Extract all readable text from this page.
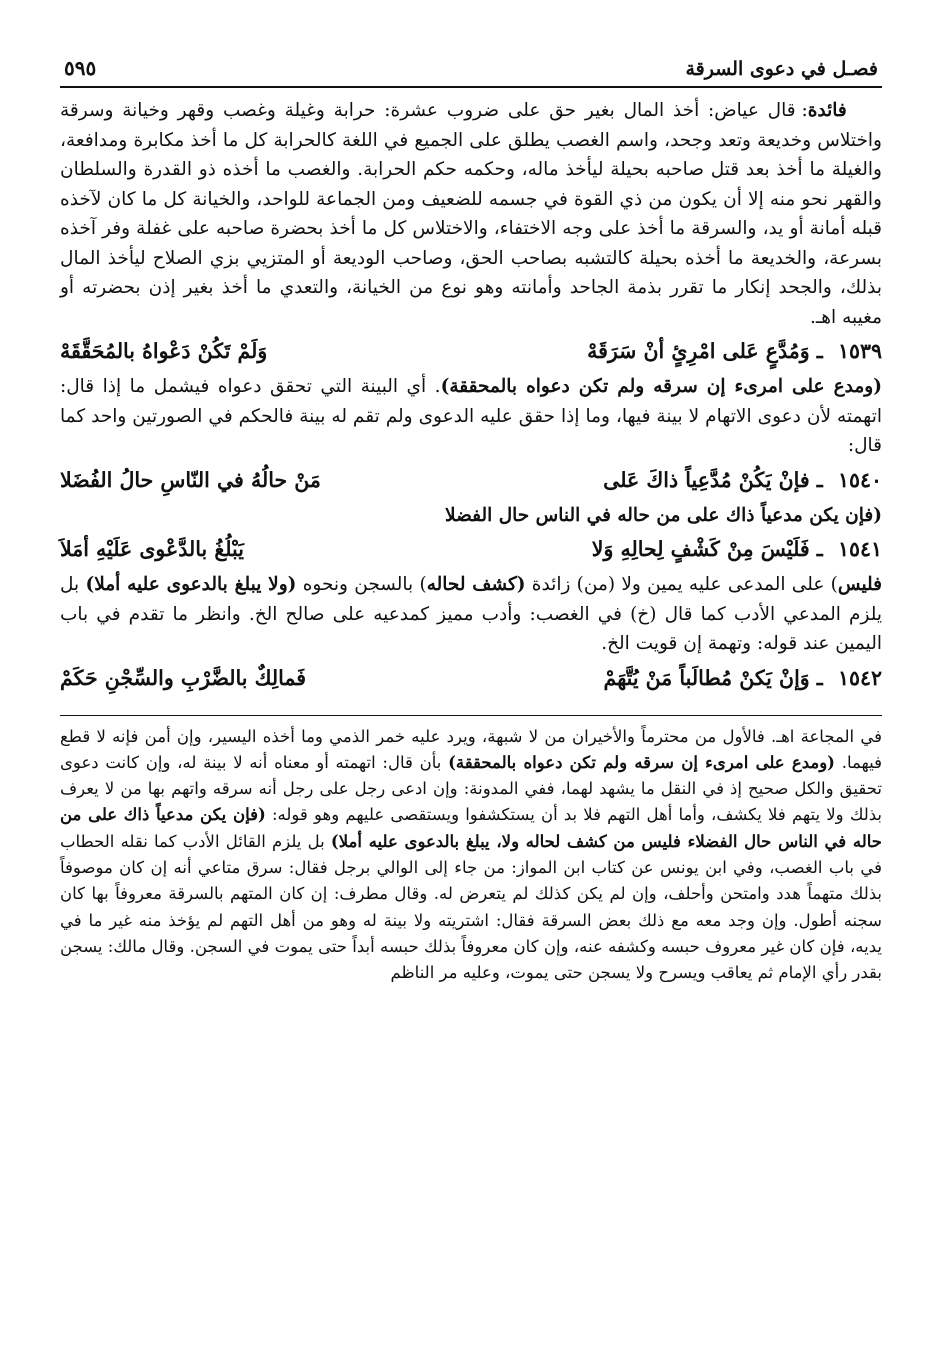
٥٩٥	فصـل في دعوى السرقة

فائدة: قال عياض: أخذ المال بغير حق على ضروب عشرة: حرابة وغيلة وغصب وقهر وخيانة وسرقة واختلاس وخديعة وتعد وجحد، واسم الغصب يطلق على الجميع في اللغة كالحرابة كل ما أخذ مكابرة ومدافعة، والغيلة ما أخذ بعد قتل صاحبه بحيلة ليأخذ ماله، وحكمه حكم الحرابة. والغصب ما أخذه ذو القدرة والسلطان والقهر نحو منه إلا أن يكون من ذي القوة في جسمه للضعيف ومن الجماعة للواحد، والخيانة كل ما كان لآخذه قبله أمانة أو يد، والسرقة ما أخذ على وجه الاختفاء، والاختلاس كل ما أخذ بحضرة صاحبه على غفلة وفر آخذه بسرعة، والخديعة ما أخذه بحيلة كالتشبه بصاحب الحق، وصاحب الوديعة أو المتزيي بزي الصلاح ليأخذ المال بذلك، والجحد إنكار ما تقرر بذمة الجاحد وأمانته وهو نوع من الخيانة، والتعدي ما أخذ بغير إذن بحضرته أو مغيبه اهـ.

١٥٣٩ ـ وَمُدَّعٍ عَلى امْرِئٍ أنْ سَرَقَهْ
وَلَمْ تَكُنْ دَعْواهُ بالمُحَقَّقَهْ

(ومدع على امرىء إن سرقه ولم تكن دعواه بالمحققة). أي البينة التي تحقق دعواه فيشمل ما إذا قال: اتهمته لأن دعوى الاتهام لا بينة فيها، وما إذا حقق عليه الدعوى ولم تقم له بينة فالحكم في الصورتين واحد كما قال:

١٥٤٠ ـ فإنْ يَكُنْ مُدَّعِياً ذاكَ عَلى
مَنْ حالُهُ في النّاسِ حالُ الفُضَلا

(فإن يكن مدعياً ذاك على من حاله في الناس حال الفضلا

١٥٤١ ـ فَلَيْسَ مِنْ كَشْفٍ لِحالِهِ وَلا
يَبْلُغُ بالدَّعْوى عَلَيْهِ أمَلاَ

فليس) على المدعى عليه يمين ولا (من) زائدة (كشف لحاله) بالسجن ونحوه (ولا يبلغ بالدعوى عليه أملا) بل يلزم المدعي الأدب كما قال (خ) في الغصب: وأدب مميز كمدعيه على صالح الخ. وانظر ما تقدم في باب اليمين عند قوله: وتهمة إن قويت الخ.

١٥٤٢ ـ وَإنْ يَكنْ مُطالَباً مَنْ يُتَّهَمْ
فَمالِكٌ بالضَّرْبِ والسِّجْنِ حَكَمْ

في المجاعة اهـ. فالأول من محترماً والأخيران من لا شبهة، ويرد عليه خمر الذمي وما أخذه اليسير، وإن أمن فإنه لا قطع فيهما. (ومدع على امرىء إن سرقه ولم تكن دعواه بالمحققة) بأن قال: اتهمته أو معناه أنه لا بينة له، وإن كانت دعوى تحقيق والكل صحيح إذ في النقل ما يشهد لهما، ففي المدونة: وإن ادعى رجل على رجل أنه سرقه واتهم بها من لا يعرف بذلك ولا يتهم فلا يكشف، وأما أهل التهم فلا بد أن يستكشفوا ويستقصى عليهم وهو قوله: (فإن يكن مدعياً ذاك على من حاله في الناس حال الفضلاء فليس من كشف لحاله ولا، يبلغ بالدعوى عليه أملا) بل يلزم القائل الأدب كما نقله الحطاب في باب الغصب، وفي ابن يونس عن كتاب ابن المواز: من جاء إلى الوالي برجل فقال: سرق متاعي أنه إن كان موصوفاً بذلك متهماً هدد وامتحن وأحلف، وإن لم يكن كذلك لم يتعرض له. وقال مطرف: إن كان المتهم بالسرقة معروفاً بها كان سجنه أطول. وإن وجد معه مع ذلك بعض السرقة فقال: اشتريته ولا بينة له وهو من أهل التهم لم يؤخذ منه غير ما في يديه، فإن كان غير معروف حبسه وكشفه عنه، وإن كان معروفاً بذلك حبسه أبداً حتى يموت في السجن. وقال مالك: يسجن بقدر رأي الإمام ثم يعاقب ويسرح ولا يسجن حتى يموت، وعليه مر الناظم
